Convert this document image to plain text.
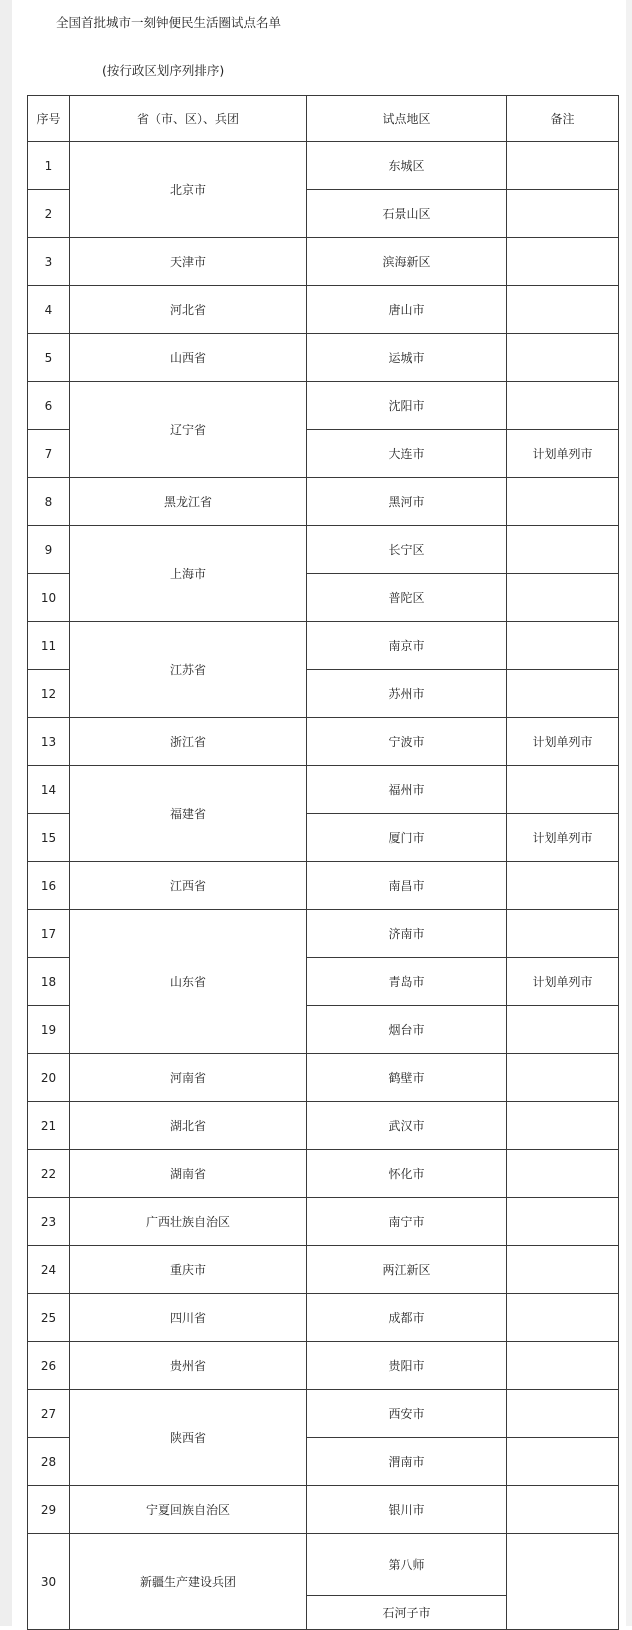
全国首批城市一刻钟便民生活圈试点名单
(按行政区划序列排序)
序号	省（市、区）、兵团	试点地区	备注
1	北京市	东城区	
2		石景山区	
3	天津市	滨海新区	
4	河北省	唐山市	
5	山西省	运城市	
6	辽宁省	沈阳市	
7		大连市	计划单列市
8	黑龙江省	黑河市	
9	上海市	长宁区	
10		普陀区	
11	江苏省	南京市	
12		苏州市	
13	浙江省	宁波市	计划单列市
14	福建省	福州市	
15		厦门市	计划单列市
16	江西省	南昌市	
17	山东省	济南市	
18		青岛市	计划单列市
19		烟台市	
20	河南省	鹤壁市	
21	湖北省	武汉市	
22	湖南省	怀化市	
23	广西壮族自治区	南宁市	
24	重庆市	两江新区	
25	四川省	成都市	
26	贵州省	贵阳市	
27	陕西省	西安市	
28		渭南市	
29	宁夏回族自治区	银川市	
30	新疆生产建设兵团	第八师	
		石河子市	
